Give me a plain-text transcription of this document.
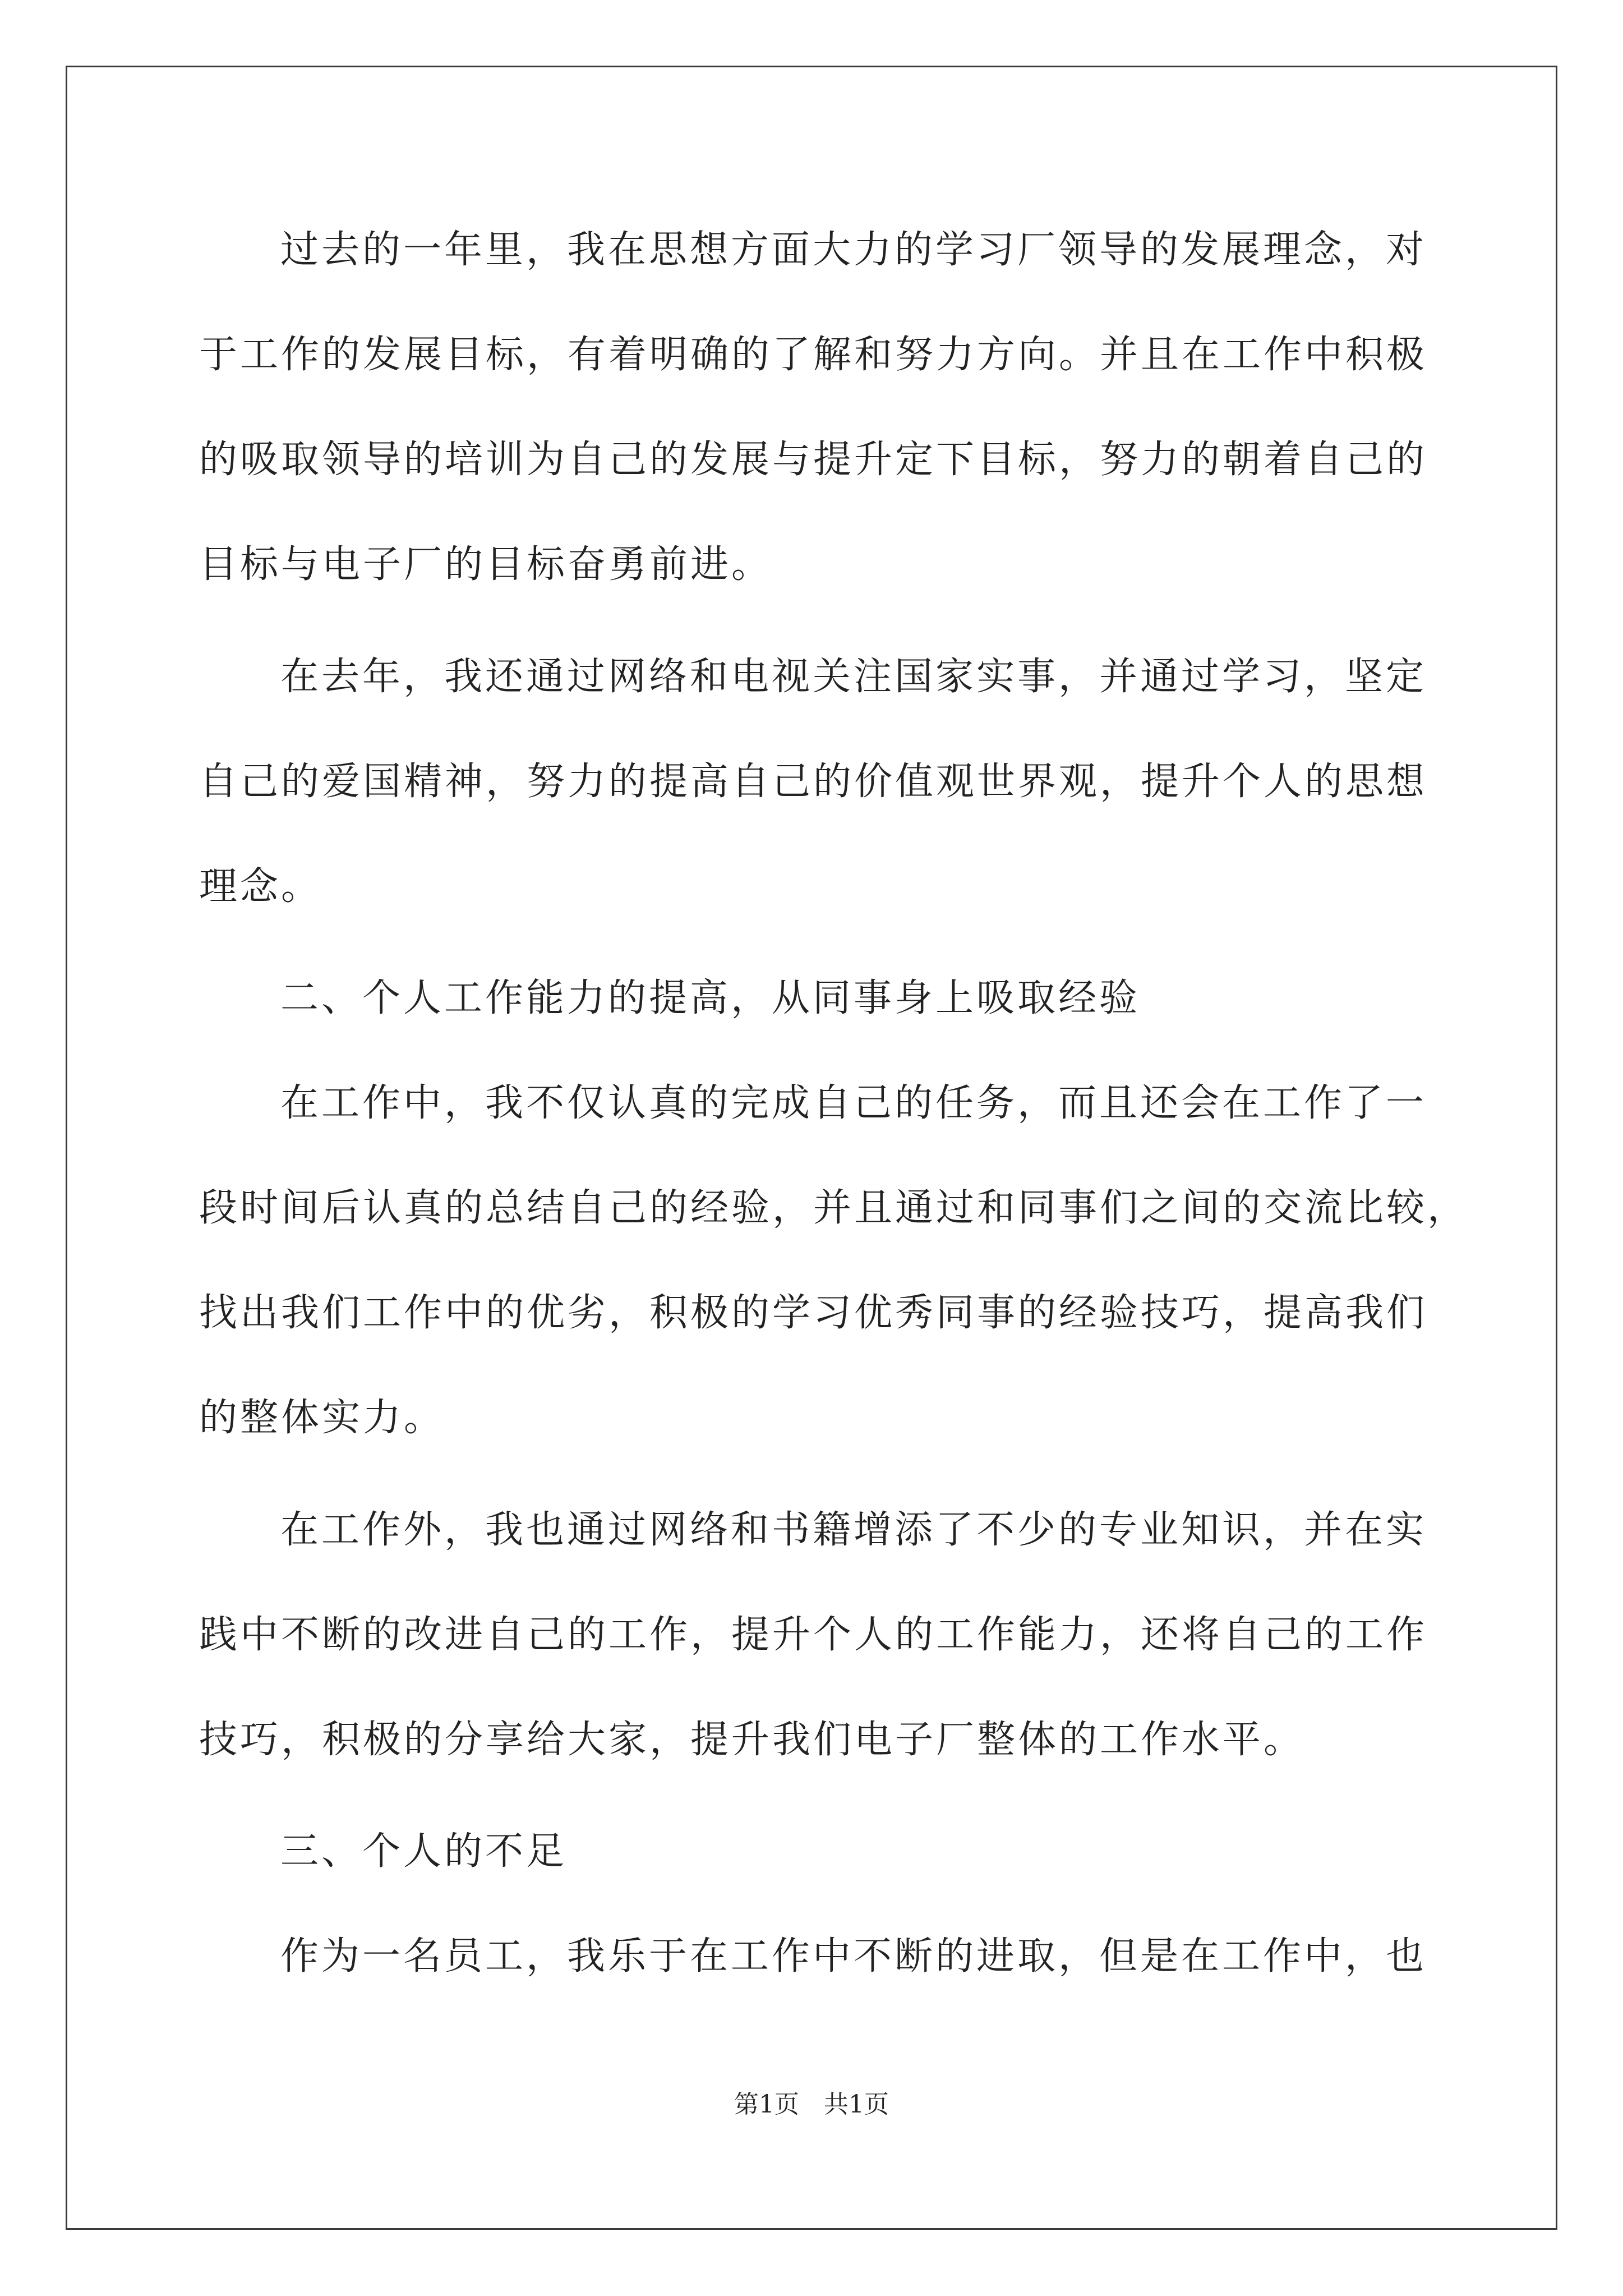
过去的一年里，我在思想方面大力的学习厂领导的发展理念，对
于工作的发展目标，有着明确的了解和努力方向。并且在工作中积极
的吸取领导的培训为自己的发展与提升定下目标，努力的朝着自己的
目标与电子厂的目标奋勇前进。
在去年，我还通过网络和电视关注国家实事，并通过学习，坚定
自己的爱国精神，努力的提高自己的价值观世界观，提升个人的思想
理念。
二、个人工作能力的提高，从同事身上吸取经验
在工作中，我不仅认真的完成自己的任务，而且还会在工作了一
段时间后认真的总结自己的经验，并且通过和同事们之间的交流比较，
找出我们工作中的优劣，积极的学习优秀同事的经验技巧，提高我们
的整体实力。
在工作外，我也通过网络和书籍增添了不少的专业知识，并在实
践中不断的改进自己的工作，提升个人的工作能力，还将自己的工作
技巧，积极的分享给大家，提升我们电子厂整体的工作水平。
三、个人的不足
作为一名员工，我乐于在工作中不断的进取，但是在工作中，也
第1页　共1页
